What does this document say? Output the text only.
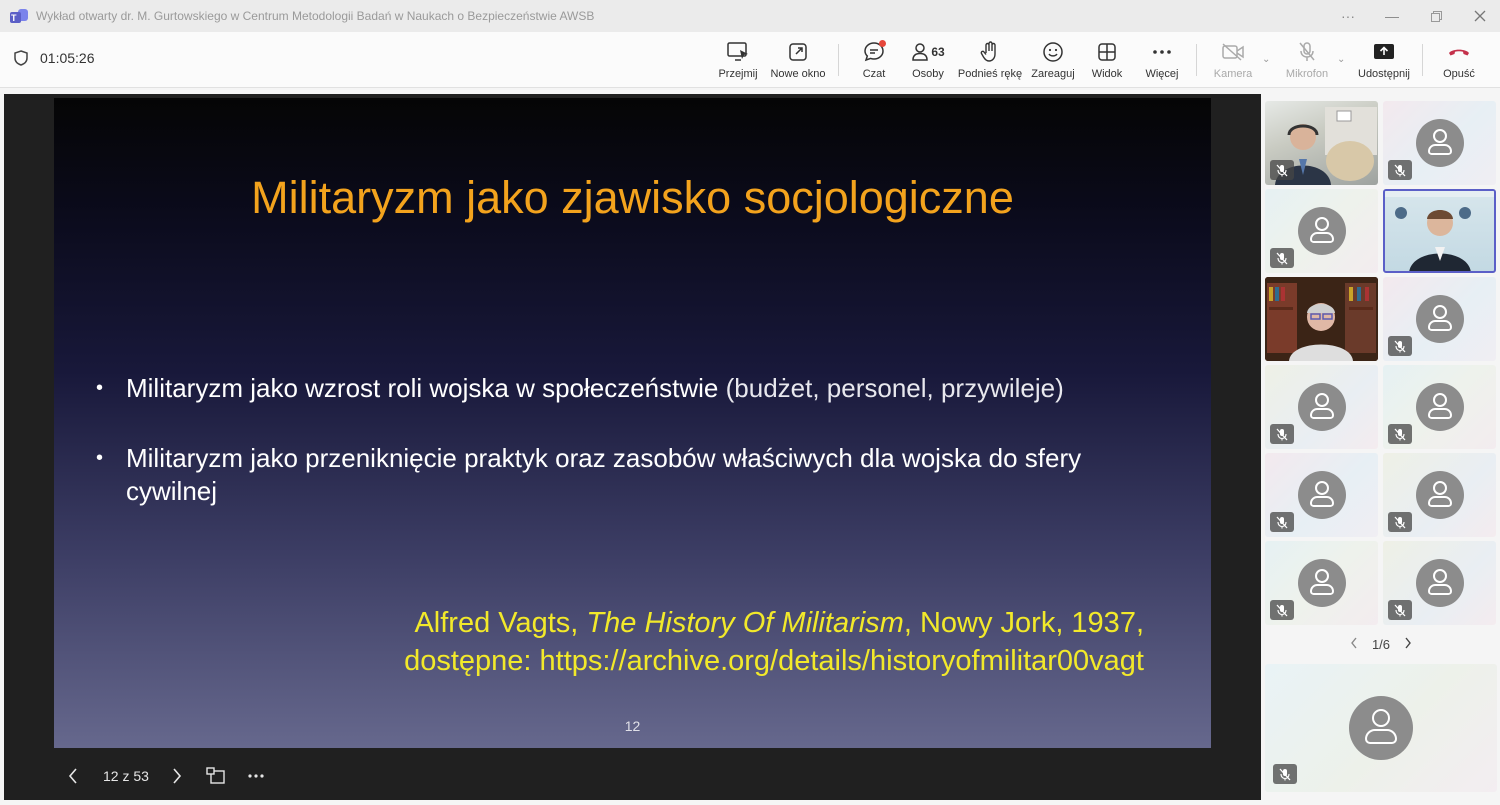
T Wykład otwarty dr. M. Gurtowskiego w Centrum Metodologii Badań w Naukach o Bezpieczeństwie AWSB	···	—
01:05:26
Przejmij Nowe okno	Czat
63
Osoby Podnieś rękę Zareaguj Widok Więcej	Kamera
⌄
Mikrofon
⌄
Udostępnij	Opuść
Militaryzm jako zjawisko socjologiczne
• Militaryzm jako wzrost roli wojska w społeczeństwie (budżet, personel, przywileje)
• Militaryzm jako przeniknięcie praktyk oraz zasobów właściwych dla wojska do sfery cywilnej
Alfred Vagts, The History Of Militarism, Nowy Jork, 1937,
dostępne: https://archive.org/details/historyofmilitar00vagt
12
12 z 53
1/6
